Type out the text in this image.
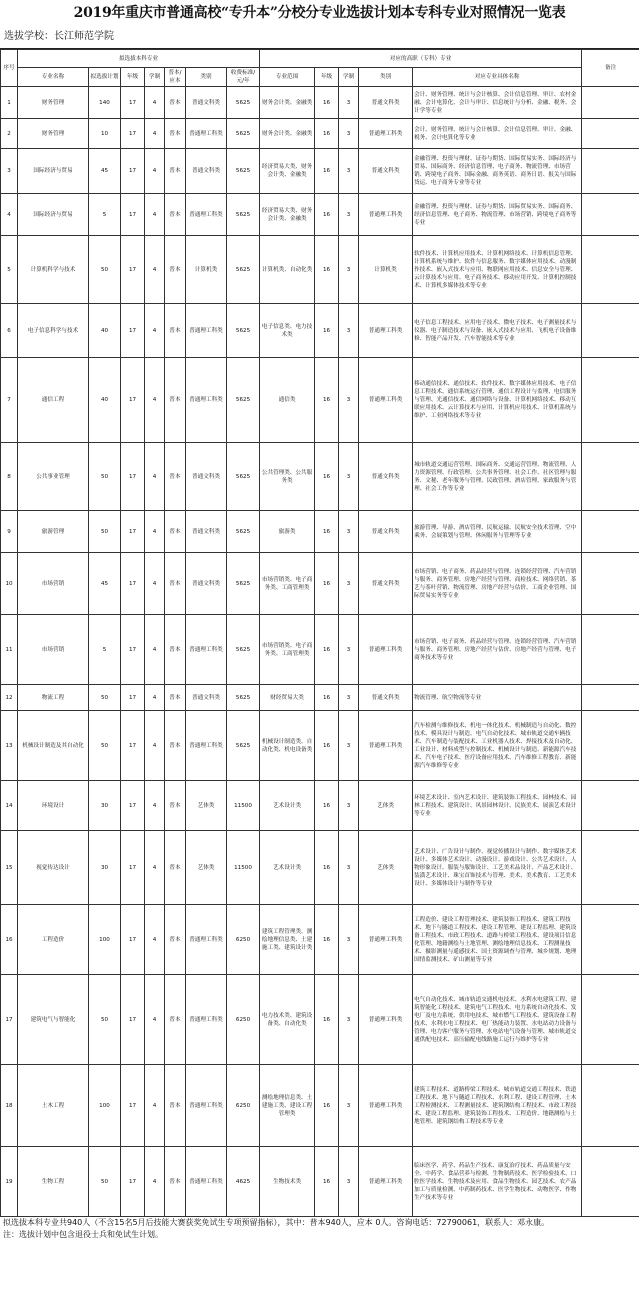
2019年重庆市普通高校“专升本”分校分专业选拔计划本专科专业对照情况一览表
选拔学校：长江师范学院
序号	拟选拔本科专业							对应的高职（专科）专业					备注
	专业名称	拟选拔计划	年级	学制	普本/应本	类别	收费标准/元/年	专业范围	年级	学制	类别	对应专业具体名称	
1	财务管理	140	17	4	普本	普通文科类	5625	财务会计类、金融类	16	3	普通文科类	会计、财务管理、统计与会计核算、会计信息管理、审计、农村金融、会计电算化、会计与审计、信息统计与分析、金融、税务、会计学等专业	
2	财务管理	10	17	4	普本	普通理工科类	5625	财务会计类、金融类	16	3	普通理工科类	会计、财务管理、统计与会计核算、会计信息管理、审计、金融、税务、会计电算化等专业	
3	国际经济与贸易	45	17	4	普本	普通文科类	5625	经济贸易大类、财务会计类、金融类	16	3	普通文科类	金融管理、投资与理财、证券与期货、国际贸易实务、国际经济与贸易、国际商务、经济信息管理、电子商务、物流管理、市场营销、跨境电子商务、国际金融、商务英语、商务日语、报关与国际货运、电子商务专业等专业	
4	国际经济与贸易	5	17	4	普本	普通理工科类	5625	经济贸易大类、财务会计类、金融类	16	3	普通理工科类	金融管理、投资与理财、证券与期货、国际贸易实务、国际商务、经济信息管理、电子商务、物流管理、市场营销、跨境电子商务等专业	
5	计算机科学与技术	50	17	4	普本	计算机类	5625	计算机类、自动化类	16	3	计算机类	软件技术、计算机应用技术、计算机网络技术、计算机信息管理、计算机系统与维护、软件与信息服务、数字媒体应用技术、动漫制作技术、嵌入式技术与应用、物联网应用技术、信息安全与管理、云计算技术与应用、电子商务技术、移动应用开发、计算机控制技术、计算机多媒体技术等专业	
6	电子信息科学与技术	40	17	4	普本	普通理工科类	5625	电子信息类、电力技术类	16	3	普通理工科类	电子信息工程技术、应用电子技术、微电子技术、电子测量技术与仪器、电子制造技术与设备、嵌入式技术与应用、飞机电子设备维修、智能产品开发、汽车智能技术等专业	
7	通信工程	40	17	4	普本	普通理工科类	5625	通信类	16	3	普通理工科类	移动通信技术、通信技术、软件技术、数字媒体应用技术、电子信息工程技术、通信系统运行管理、通信工程设计与监理、电信服务与管理、光通信技术、通信网络与设备、计算机网络技术、移动互联应用技术、云计算技术与应用、计算机应用技术、计算机系统与维护、工业网络技术等专业	
8	公共事业管理	50	17	4	普本	普通文科类	5625	公共管理类、公共服务类	16	3	普通文科类	城市轨道交通运营管理、国际商务、交通运营管理、物流管理、人力资源管理、行政管理、公共事务管理、社会工作、社区管理与服务、文秘、老年服务与管理、民政管理、酒店管理、家政服务与管理、社会工作等专业	
9	旅游管理	50	17	4	普本	普通文科类	5625	旅游类	16	3	普通文科类	旅游管理、导游、酒店管理、民航运输、民航安全技术管理、空中乘务、会展策划与管理、休闲服务与管理等专业	
10	市场营销	45	17	4	普本	普通文科类	5625	市场营销类、电子商务类、工商管理类	16	3	普通文科类	市场营销、电子商务、药品经营与管理、连锁经营管理、汽车营销与服务、商务管理、房地产经营与管理、商检技术、网络营销、茶艺与茶叶营销、物流管理、房地产经营与估价、工商企业管理、国际贸易实务等专业	
11	市场营销	5	17	4	普本	普通理工科类	5625	市场营销类、电子商务类、工商管理类	16	3	普通理工科类	市场营销、电子商务、药品经营与管理、连锁经营管理、汽车营销与服务、商务管理、房地产经营与估价、房地产经营与管理、电子商务技术等专业	
12	物流工程	50	17	4	普本	普通文科类	5625	财经贸易大类	16	3	普通文科类	物流管理、航空物流等专业	
13	机械设计制造及其自动化	50	17	4	普本	普通理工科类	5625	机械设计制造类、自动化类、机电设备类	16	3	普通理工科类	汽车检测与维修技术、机电一体化技术、机械制造与自动化、数控技术、模具设计与制造、电气自动化技术、城市轨道交通车辆技术、汽车制造与装配技术、工业机器人技术、焊接技术及自动化、工业设计、材料成型与控制技术、机械设计与制造、新能源汽车技术、汽车电子技术、医疗设备应用技术、汽车维修工程教育、新能源汽车维修等专业	
14	环境设计	30	17	4	普本	艺体类	11500	艺术设计类	16	3	艺体类	环境艺术设计、室内艺术设计、建筑装饰工程技术、园林技术、园林工程技术、建筑设计、风景园林设计、民族美术、展演艺术设计等专业	
15	视觉传达设计	30	17	4	普本	艺体类	11500	艺术设计类	16	3	艺体类	艺术设计、广告设计与制作、视觉传播设计与制作、数字媒体艺术设计、多媒体艺术设计、动漫设计、游戏设计、公共艺术设计、人物形象设计、服装与服饰设计、工艺美术品设计、产品艺术设计、装潢艺术设计、珠宝首饰技术与管理、美术、美术教育、工艺美术设计、多媒体设计与制作等专业	
16	工程造价	100	17	4	普本	普通理工科类	6250	建筑工程管理类、测绘地理信息类、土建施工类、建筑设计类	16	3	普通理工科类	工程造价、建设工程管理技术、建筑装饰工程技术、建筑工程技术、地下与隧道工程技术、建设工程管理、建设工程监理、建筑设备工程技术、市政工程技术、道路与桥梁工程技术、建设项目信息化管理、地籍测绘与土地管理、测绘地理信息技术、工程测量技术、摄影测量与遥感技术、国土资源调查与管理、城乡规划、地理国情监测技术、矿山测量等专业	
17	建筑电气与智能化	50	17	4	普本	普通理工科类	6250	电力技术类、建筑设备类、自动化类	16	3	普通理工科类	电气自动化技术、城市轨道交通机电技术、水利水电建筑工程、建筑智能化工程技术、建筑电气工程技术、电力系统自动化技术、发电厂及电力系统、供用电技术、城市燃气工程技术、建筑设备工程技术、水利水电工程技术、电厂热能动力装置、水电站动力设备与管理、电力客户服务与管理、水电站电气设备与管理、城市轨道交通供配电技术、高压输配电线路施工运行与维护等专业	
18	土木工程	100	17	4	普本	普通理工科类	6250	测绘地理信息类、土建施工类、建设工程管理类	16	3	普通理工科类	建筑工程技术、道路桥梁工程技术、城市轨道交通工程技术、铁道工程技术、地下与隧道工程技术、水利工程、建设工程管理、土木工程检测技术、工程测量技术、建筑钢结构工程技术、市政工程技术、建设工程监理、建筑装饰工程技术、工程造价、地籍测绘与土地管理、建筑钢结构工程技术等专业	
19	生物工程	50	17	4	普本	普通理工科类	4625	生物技术类	16	3	普通理工科类	临床医学、药学、药品生产技术、康复治疗技术、药品质量与安全、中药学、食品营养与检测、生物制药技术、医学检验技术、口腔医学技术、生物技术及应用、食品生物技术、园艺技术、农产品加工与质量检测、中药制药技术、医学生物技术、动物医学、作物生产技术等专业	
拟选拔本科专业共940人（不含15名5月后技能大赛获奖免试生专项预留指标），其中：普本940人，应本 0人。咨询电话：72790061，联系人：邓永康。
注：选拔计划中包含退役士兵和免试生计划。
